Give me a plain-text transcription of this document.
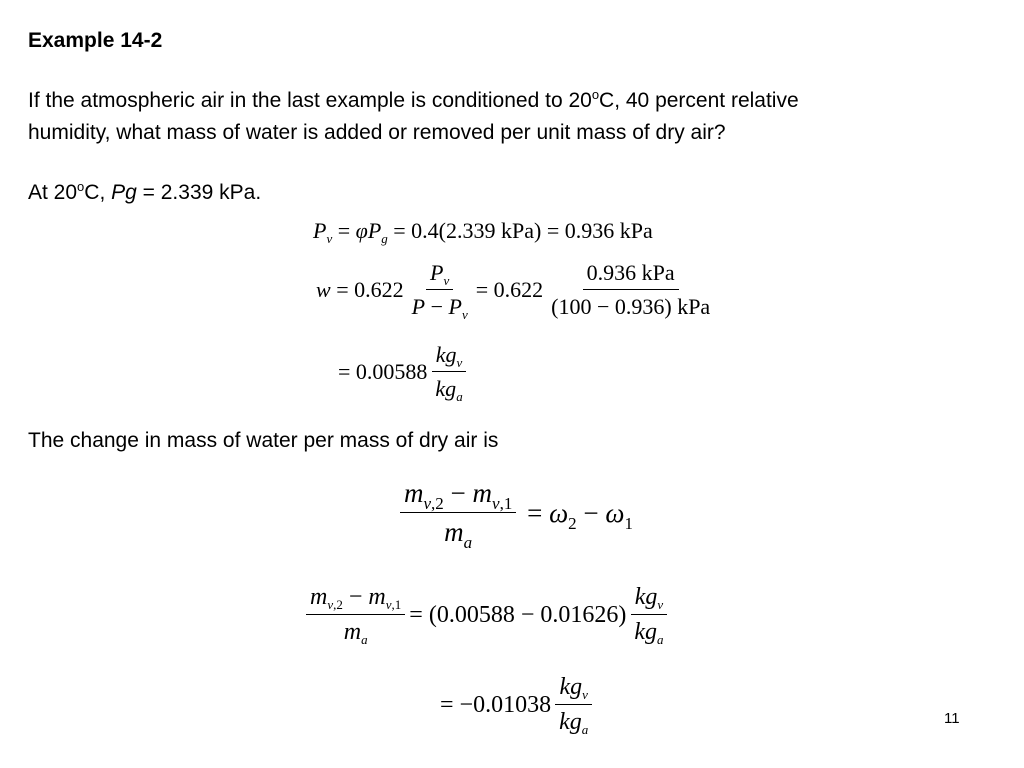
Example 14-2
If the atmospheric air in the last example is conditioned to 20$^o$C, 40 percent relative
humidity, what mass of water is added or removed per unit mass of dry air?
At 20$^o$C, Pg = 2.339 kPa.
$P_v = \varphi P_g = 0.4(2.339$ kPa) = 0.936 kPa
w
= $0.622 \frac{P_v}{P - P_v} = 0.622 \frac{\text{0.936 kPa}}{\text{(100 − 0.936) kPa}}$
= $0.00588 \frac{kg_v}{kg_a}$
The change in mass of water per mass of dry air is
$\frac{m_{v,2} - m_{v,1}}{m_a} = \omega_2 - \omega_1$
$\frac{m_{v,2} - m_{v,1}}{m_a} = (0.00588 - 0.01626) \frac{kg_v}{kg_a}$
= $-0.01038 \frac{kg_v}{kg_a}$	11
